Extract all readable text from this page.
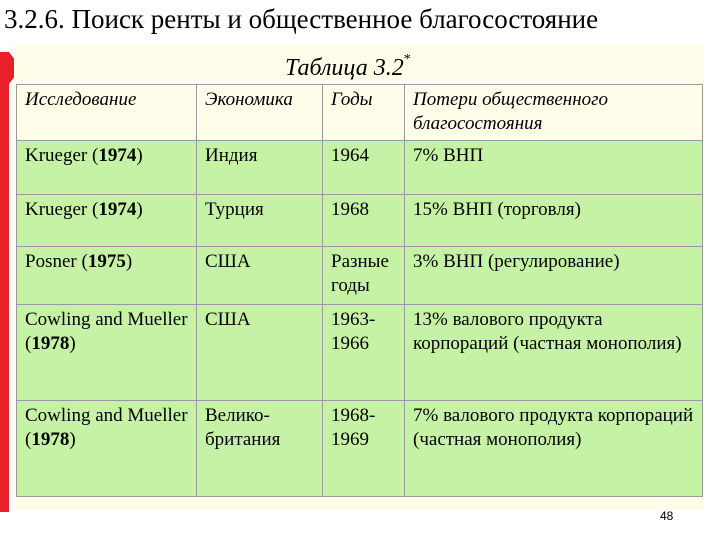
3.2.6. Поиск ренты и общественное благосостояние
Таблица 3.2*
Исследование	Экономика	Годы	Потери общественного благосостояния
Krueger (1974)	Индия	1964	7% ВНП
Krueger (1974)	Турция	1968	15% ВНП (торговля)
Posner (1975)	США	Разные годы	3% ВНП (регулирование)
Cowling and Mueller (1978)	США	1963-1966	13% валового продукта корпораций (частная монополия)
Cowling and Mueller (1978)	Велико-британия	1968-1969	7% валового продукта корпораций (частная монополия)
48
